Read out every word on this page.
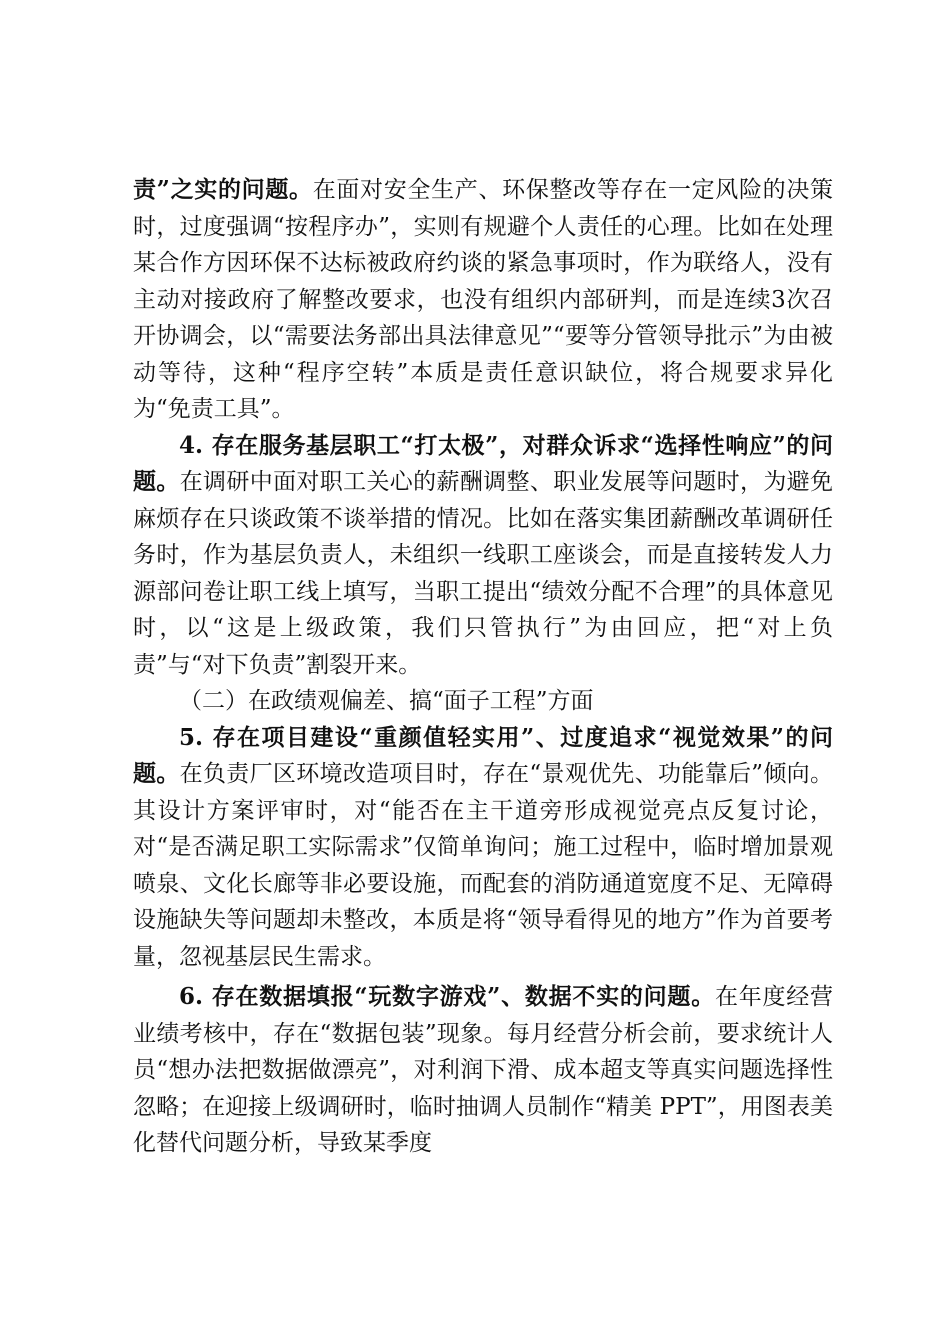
责”之实的问题。在面对安全生产、环保整改等存在一定风险的决策时，过度强调“按程序办”，实则有规避个人责任的心理。比如在处理某合作方因环保不达标被政府约谈的紧急事项时，作为联络人，没有主动对接政府了解整改要求，也没有组织内部研判，而是连续3次召开协调会，以“需要法务部出具法律意见”“要等分管领导批示”为由被动等待，这种“程序空转”本质是责任意识缺位，将合规要求异化为“免责工具”。

4. 存在服务基层职工“打太极”，对群众诉求“选择性响应”的问题。在调研中面对职工关心的薪酬调整、职业发展等问题时，为避免麻烦存在只谈政策不谈举措的情况。比如在落实集团薪酬改革调研任务时，作为基层负责人，未组织一线职工座谈会，而是直接转发人力源部问卷让职工线上填写，当职工提出“绩效分配不合理”的具体意见时，以“这是上级政策，我们只管执行”为由回应，把“对上负责”与“对下负责”割裂开来。

（二）在政绩观偏差、搞“面子工程”方面

5. 存在项目建设“重颜值轻实用”、过度追求“视觉效果”的问题。在负责厂区环境改造项目时，存在“景观优先、功能靠后”倾向。其设计方案评审时，对“能否在主干道旁形成视觉亮点反复讨论，对“是否满足职工实际需求”仅简单询问；施工过程中，临时增加景观喷泉、文化长廊等非必要设施，而配套的消防通道宽度不足、无障碍设施缺失等问题却未整改，本质是将“领导看得见的地方”作为首要考量，忽视基层民生需求。

6. 存在数据填报“玩数字游戏”、数据不实的问题。在年度经营业绩考核中，存在“数据包装”现象。每月经营分析会前，要求统计人员“想办法把数据做漂亮”，对利润下滑、成本超支等真实问题选择性忽略；在迎接上级调研时，临时抽调人员制作“精美 PPT”，用图表美化替代问题分析，导致某季度
